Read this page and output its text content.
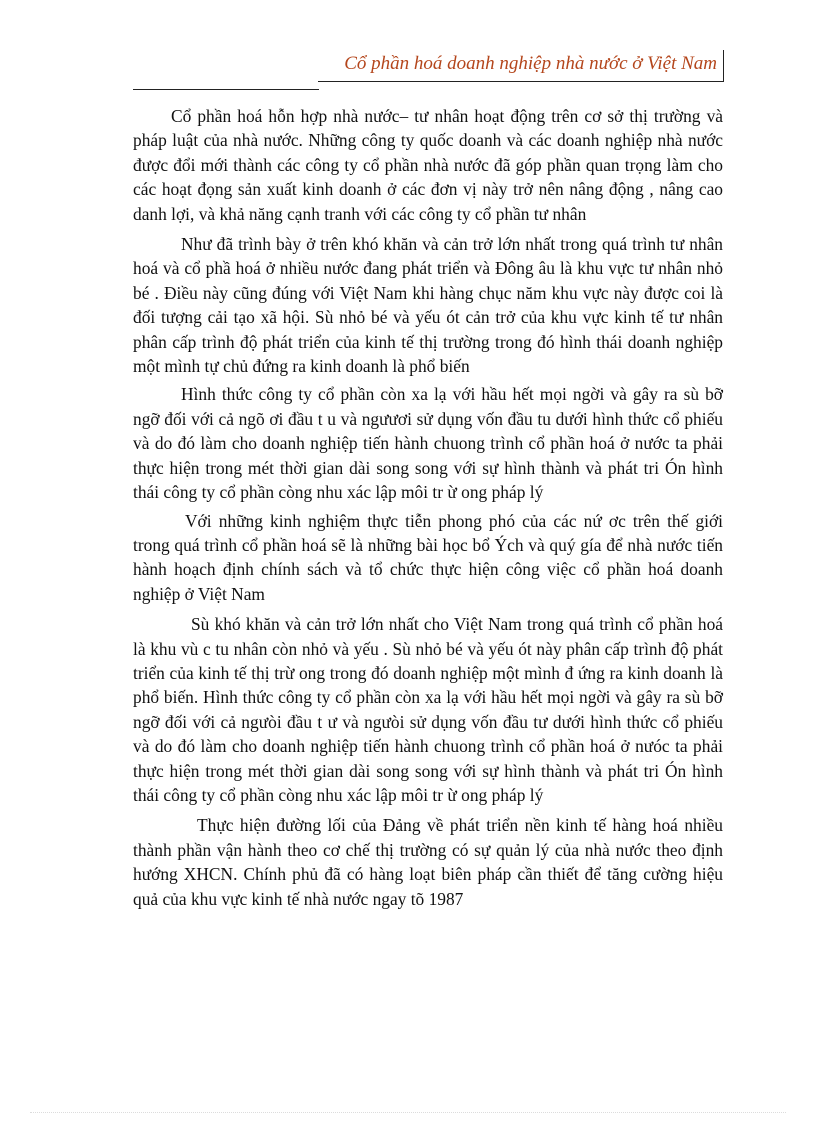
Cổ phần hoá doanh nghiệp nhà nước ở Việt Nam

Cổ phần hoá hỗn hợp nhà nước– tư nhân hoạt động trên cơ sở thị trường và pháp luật của nhà nước. Những công ty quốc doanh và các doanh nghiệp nhà nước được đổi mới thành các công ty cổ phần nhà nước đã góp phần quan trọng làm cho các hoạt đọng sản xuất kinh doanh ở các đơn vị này trở nên nâng động , nâng cao danh lợi, và khả năng cạnh tranh với các công ty cổ phần tư nhân

Như đã trình bày ở trên khó khăn và cản trở lớn nhất trong quá trình tư nhân hoá và cổ phầ hoá ở nhiều nước đang phát triển và Đông âu là khu vực tư nhân nhỏ bé . Điều này cũng đúng với Việt Nam khi hàng chục năm khu vực này được coi là đối tượng cải tạo xã hội. Sù nhỏ bé và yếu ót cản trở của khu vực kinh tế tư nhân phân cấp trình độ phát triển của kinh tế thị trường trong đó hình thái doanh nghiệp một mình tự chủ đứng ra kinh doanh là phổ biến

Hình thức công ty cổ phần còn xa lạ với hầu hết mọi ngời và gây ra sù bỡ ngỡ đối với cả ngõ ơi đầu t u và ngưươi sử dụng vốn đầu tu dưới hình thức cổ phiếu và do đó làm cho doanh nghiệp tiến hành chuong trình cổ phần hoá ở nước ta phải thực hiện trong mét thời gian dài song song với sự hình thành và phát tri Ón hình thái công ty cổ phần còng nhu xác lập môi tr ừ ong pháp lý

Với những kinh nghiệm thực tiễn phong phó của các nứ ơc trên thế giới trong quá trình cổ phần hoá sẽ là những bài học bổ Ých và quý gía để nhà nước tiến hành hoạch định chính sách và tổ chức thực hiện công việc cổ phần hoá doanh nghiệp ở Việt Nam

Sù khó khăn và cản trở lớn nhất cho Việt Nam trong quá trình cổ phần hoá là khu vù c tu nhân còn nhỏ và yếu . Sù nhỏ bé và yếu ót này phân cấp trình độ phát triển của kinh tế thị trừ ong trong đó doanh nghiệp một mình đ ứng ra kinh doanh là phổ biến. Hình thức công ty cổ phần còn xa lạ với hầu hết mọi ngời và gây ra sù bỡ ngỡ đối với cả ngưòi đầu t ư và ngưòi sử dụng vốn đầu tư dưới hình thức cổ phiếu và do đó làm cho doanh nghiệp tiến hành chuong trình cổ phần hoá ở nưóc ta phải thực hiện trong mét thời gian dài song song với sự hình thành và phát tri Ón hình thái công ty cổ phần còng nhu xác lập môi tr ừ ong pháp lý

Thực hiện đường lối của Đảng về phát triển nền kinh tế hàng hoá nhiều thành phần vận hành theo cơ chế thị trường có sự quản lý của nhà nước theo định hướng XHCN. Chính phủ đã có hàng loạt biên pháp cần thiết để tăng cường hiệu quả của khu vực kinh tế nhà nước ngay tõ 1987
